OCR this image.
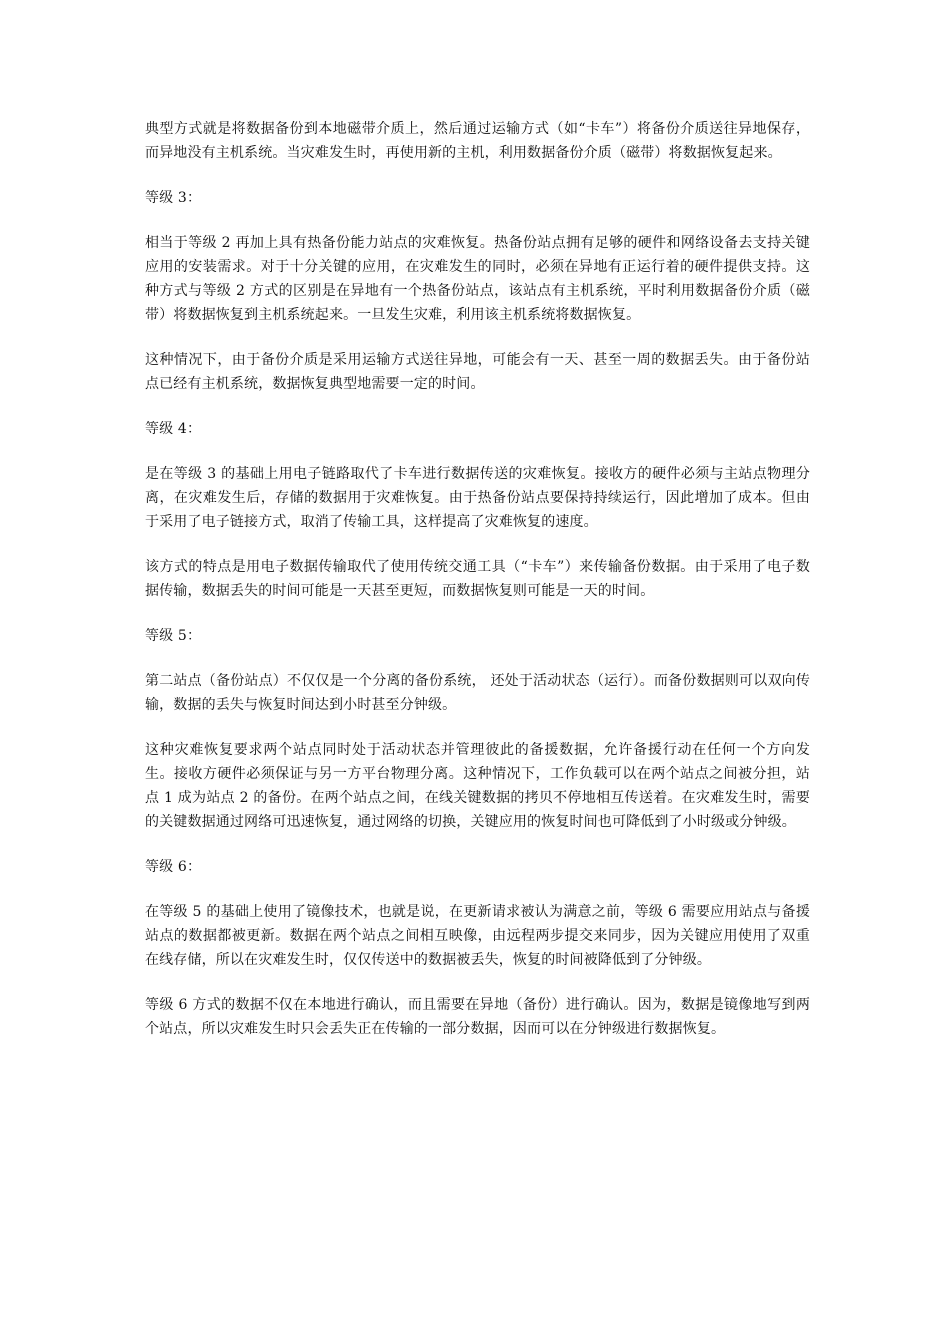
典型方式就是将数据备份到本地磁带介质上，然后通过运输方式（如“卡车”）将备份介质送往异地保存，而异地没有主机系统。当灾难发生时，再使用新的主机，利用数据备份介质（磁带）将数据恢复起来。

等级 3：

相当于等级 2 再加上具有热备份能力站点的灾难恢复。热备份站点拥有足够的硬件和网络设备去支持关键应用的安装需求。对于十分关键的应用，在灾难发生的同时，必须在异地有正运行着的硬件提供支持。这种方式与等级 2 方式的区别是在异地有一个热备份站点，该站点有主机系统，平时利用数据备份介质（磁带）将数据恢复到主机系统起来。一旦发生灾难，利用该主机系统将数据恢复。

这种情况下，由于备份介质是采用运输方式送往异地，可能会有一天、甚至一周的数据丢失。由于备份站点已经有主机系统，数据恢复典型地需要一定的时间。

等级 4：

是在等级 3 的基础上用电子链路取代了卡车进行数据传送的灾难恢复。接收方的硬件必须与主站点物理分离，在灾难发生后，存储的数据用于灾难恢复。由于热备份站点要保持持续运行，因此增加了成本。但由于采用了电子链接方式，取消了传输工具，这样提高了灾难恢复的速度。

该方式的特点是用电子数据传输取代了使用传统交通工具（“卡车”）来传输备份数据。由于采用了电子数据传输，数据丢失的时间可能是一天甚至更短，而数据恢复则可能是一天的时间。

等级 5：

第二站点（备份站点）不仅仅是一个分离的备份系统， 还处于活动状态（运行）。而备份数据则可以双向传输，数据的丢失与恢复时间达到小时甚至分钟级。

这种灾难恢复要求两个站点同时处于活动状态并管理彼此的备援数据，允许备援行动在任何一个方向发生。接收方硬件必须保证与另一方平台物理分离。这种情况下，工作负载可以在两个站点之间被分担，站点 1 成为站点 2 的备份。在两个站点之间，在线关键数据的拷贝不停地相互传送着。在灾难发生时，需要的关键数据通过网络可迅速恢复，通过网络的切换，关键应用的恢复时间也可降低到了小时级或分钟级。

等级 6：

在等级 5 的基础上使用了镜像技术，也就是说，在更新请求被认为满意之前，等级 6 需要应用站点与备援站点的数据都被更新。数据在两个站点之间相互映像，由远程两步提交来同步，因为关键应用使用了双重在线存储，所以在灾难发生时，仅仅传送中的数据被丢失，恢复的时间被降低到了分钟级。

等级 6 方式的数据不仅在本地进行确认，而且需要在异地（备份）进行确认。因为，数据是镜像地写到两个站点，所以灾难发生时只会丢失正在传输的一部分数据，因而可以在分钟级进行数据恢复。
